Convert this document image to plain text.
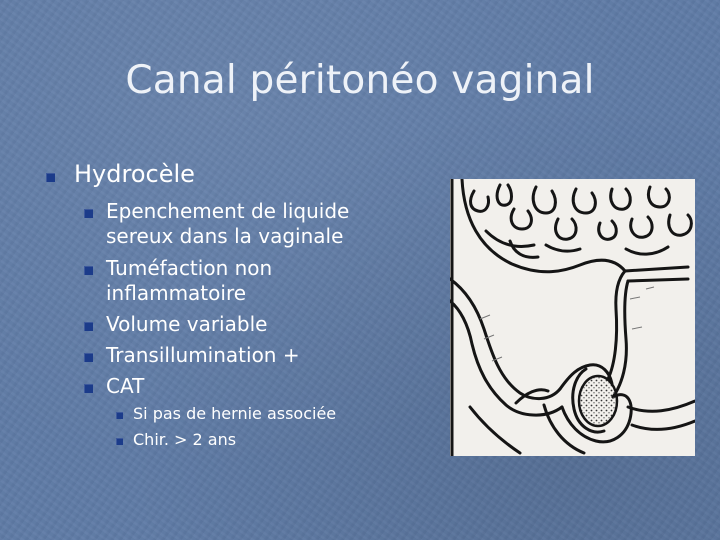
Canal péritonéo vaginal
Hydrocèle
Epenchement de liquide
sereux dans la vaginale
Tuméfaction non
inflammatoire
Volume variable
Transillumination +
CAT
Si pas de hernie associée
Chir. > 2 ans
